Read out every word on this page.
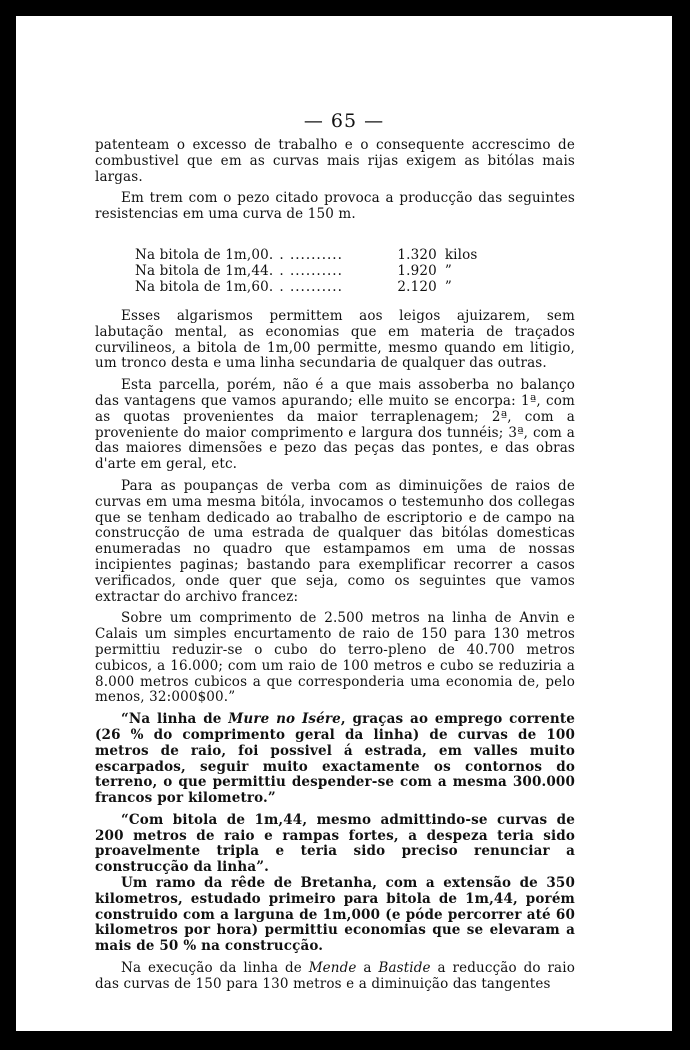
— 65 —

patenteam o excesso de trabalho e o consequente accrescimo de combustivel que em as curvas mais rijas exigem as bitólas mais largas.

Em trem com o pezo citado provoca a producção das seguintes resistencias em uma curva de 150 m.

Na bitola de 1m,00	. . ..........	1.320	kilos
Na bitola de 1m,44	. . ..........	1.920	”
Na bitola de 1m,60	. . ..........	2.120	”

Esses algarismos permittem aos leigos ajuizarem, sem labutação mental, as economias que em materia de traçados curvilineos, a bitola de 1m,00 permitte, mesmo quando em litigio, um tronco desta e uma linha secundaria de qualquer das outras.

Esta parcella, porém, não é a que mais assoberba no balanço das vantagens que vamos apurando; elle muito se encorpa: 1ª, com as quotas provenientes da maior terraplenagem; 2ª, com a proveniente do maior comprimento e largura dos tunnéis; 3ª, com a das maiores dimensões e pezo das peças das pontes, e das obras d'arte em geral, etc.

Para as poupanças de verba com as diminuições de raios de curvas em uma mesma bitóla, invocamos o testemunho dos collegas que se tenham dedicado ao trabalho de escriptorio e de campo na construcção de uma estrada de qualquer das bitólas domesticas enumeradas no quadro que estampamos em uma de nossas incipientes paginas; bastando para exemplificar recorrer a casos verificados, onde quer que seja, como os seguintes que vamos extractar do archivo francez:

Sobre um comprimento de 2.500 metros na linha de Anvin e Calais um simples encurtamento de raio de 150 para 130 metros permittiu reduzir-se o cubo do terro-pleno de 40.700 metros cubicos, a 16.000; com um raio de 100 metros e cubo se reduziria a 8.000 metros cubicos a que corresponderia uma economia de, pelo menos, 32:000$00.”

“Na linha de Mure no Isére, graças ao emprego corrente (26 % do comprimento geral da linha) de curvas de 100 metros de raio, foi possivel á estrada, em valles muito escarpados, seguir muito exactamente os contornos do terreno, o que permittiu despender-se com a mesma 300.000 francos por kilometro.”

“Com bitola de 1m,44, mesmo admittindo-se curvas de 200 metros de raio e rampas fortes, a despeza teria sido proavelmente tripla e teria sido preciso renunciar a construcção da linha”.

Um ramo da rêde de Bretanha, com a extensão de 350 kilometros, estudado primeiro para bitola de 1m,44, porém construido com a larguna de 1m,000 (e póde percorrer até 60 kilometros por hora) permittiu economias que se elevaram a mais de 50 % na construcção.

Na execução da linha de Mende a Bastide a reducção do raio das curvas de 150 para 130 metros e a diminuição das tangentes
